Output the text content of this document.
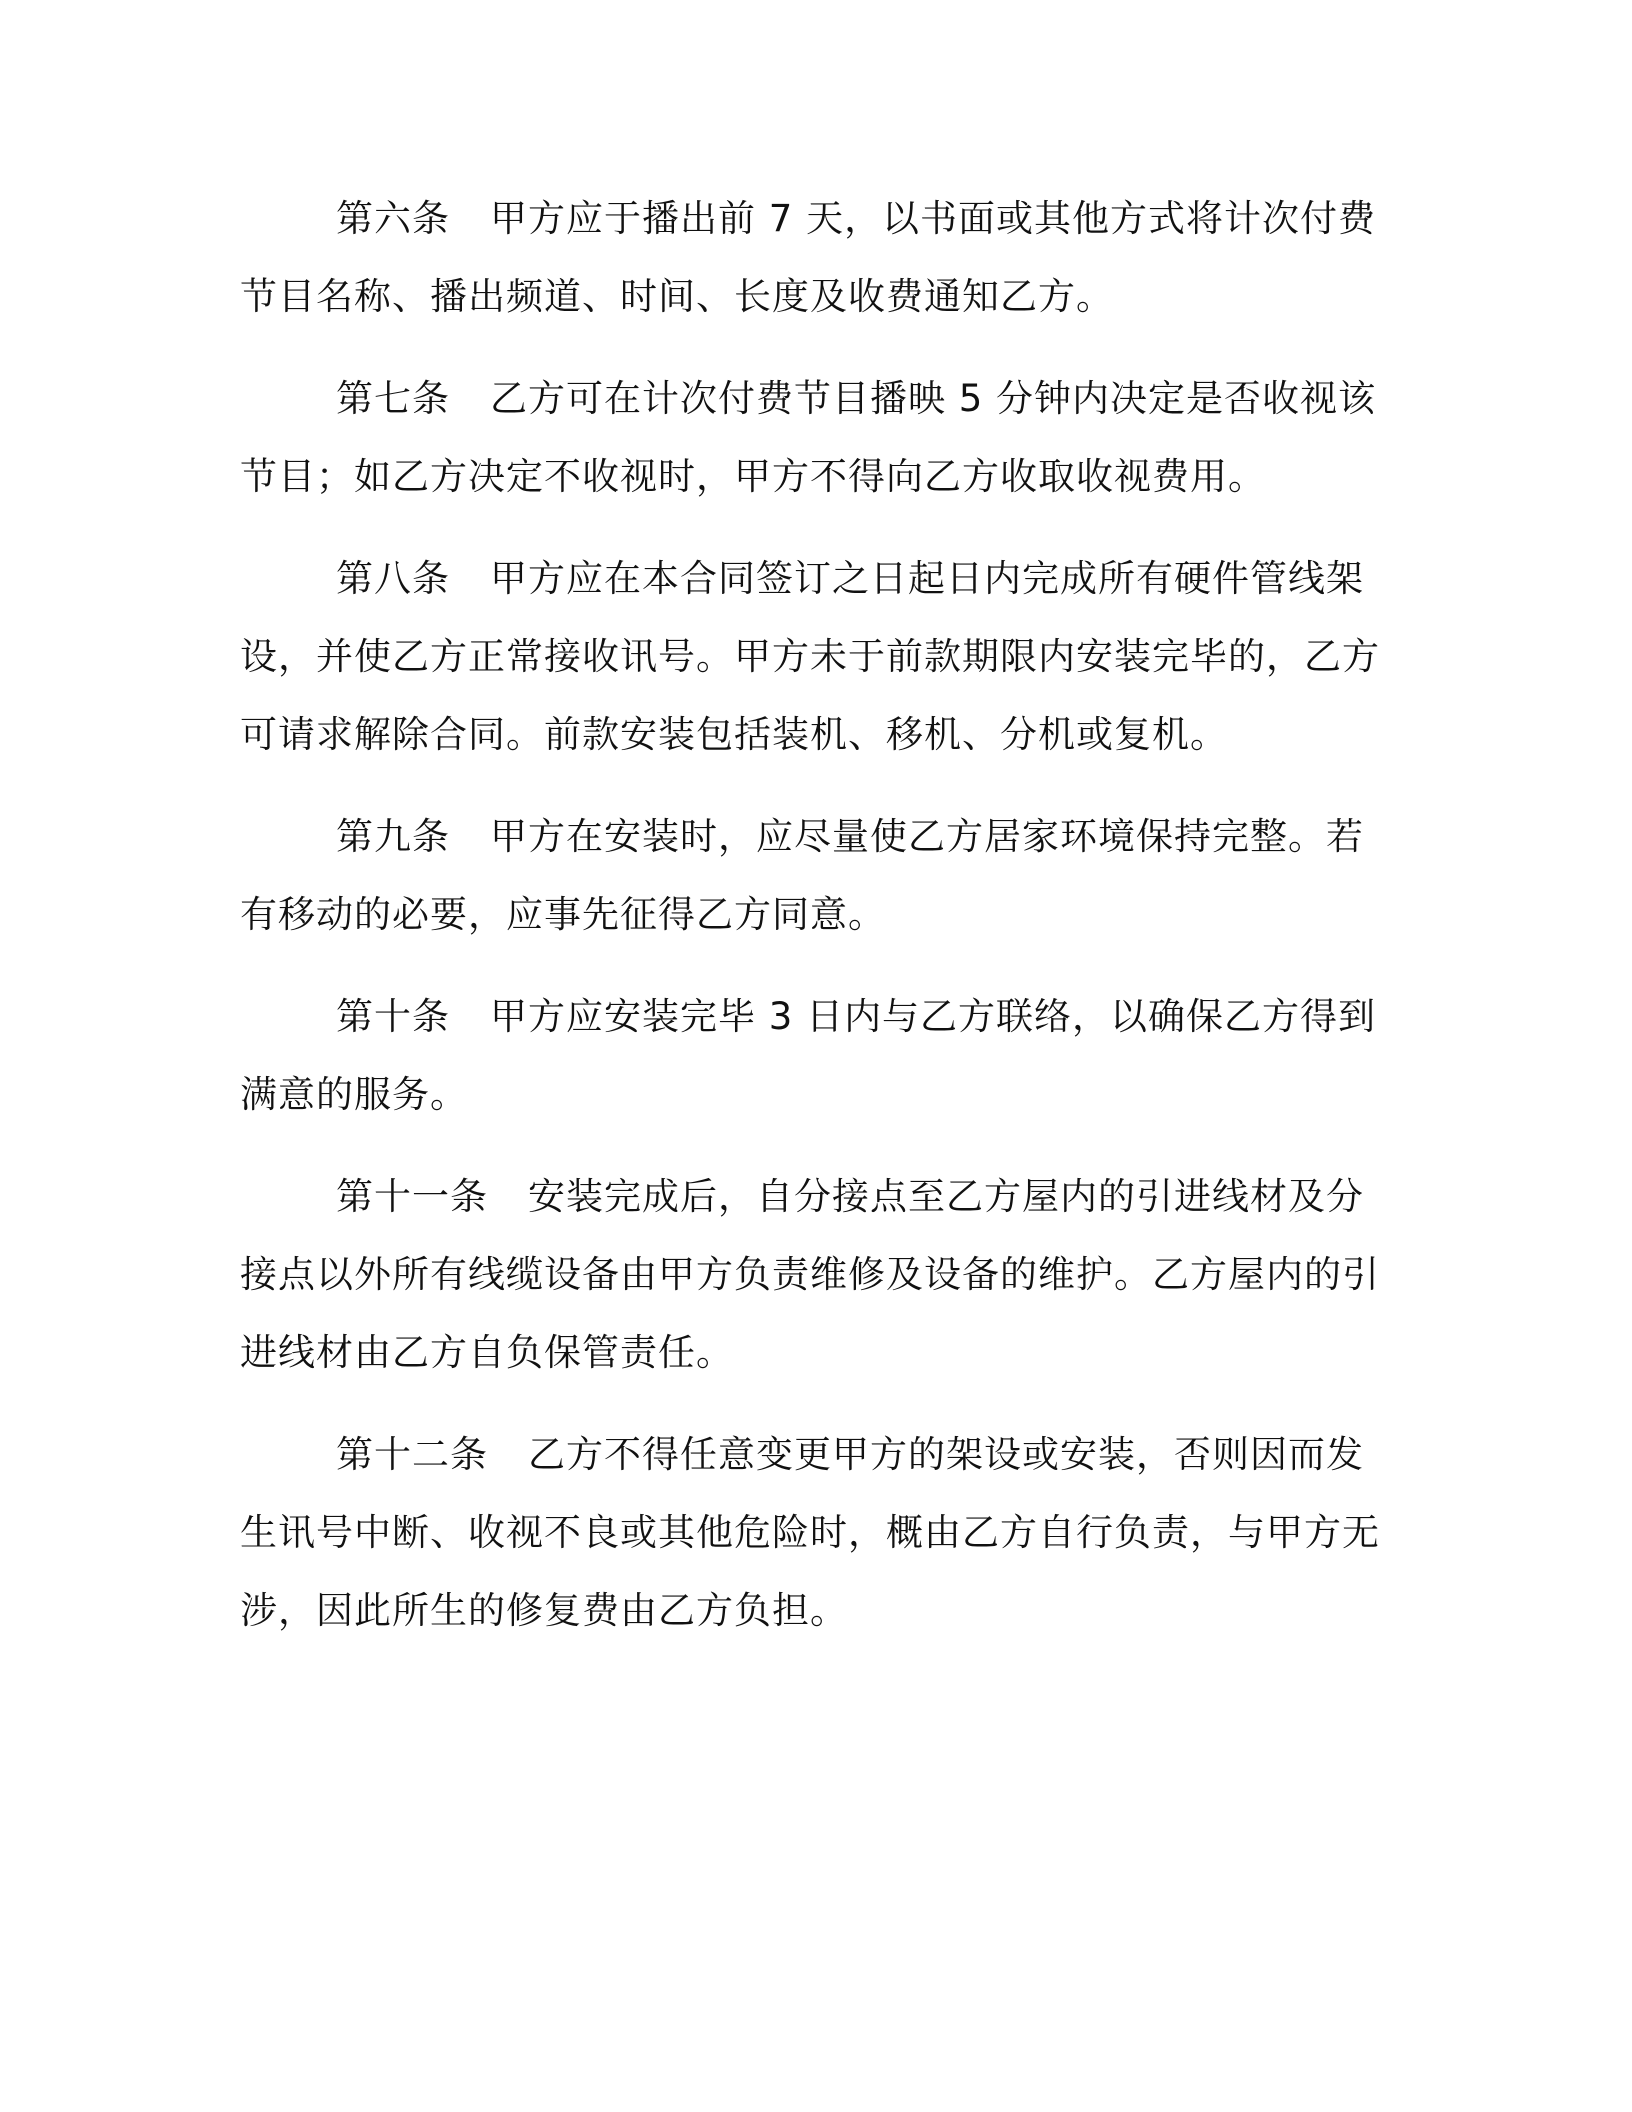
第六条 甲方应于播出前 7 天，以书面或其他方式将计次付费节目名称、播出频道、时间、长度及收费通知乙方。

第七条 乙方可在计次付费节目播映 5 分钟内决定是否收视该节目；如乙方决定不收视时，甲方不得向乙方收取收视费用。

第八条 甲方应在本合同签订之日起日内完成所有硬件管线架设，并使乙方正常接收讯号。甲方未于前款期限内安装完毕的，乙方可请求解除合同。前款安装包括装机、移机、分机或复机。

第九条 甲方在安装时，应尽量使乙方居家环境保持完整。若有移动的必要，应事先征得乙方同意。

第十条 甲方应安装完毕 3 日内与乙方联络，以确保乙方得到满意的服务。

第十一条 安装完成后，自分接点至乙方屋内的引进线材及分接点以外所有线缆设备由甲方负责维修及设备的维护。乙方屋内的引进线材由乙方自负保管责任。

第十二条 乙方不得任意变更甲方的架设或安装，否则因而发生讯号中断、收视不良或其他危险时，概由乙方自行负责，与甲方无涉，因此所生的修复费由乙方负担。
